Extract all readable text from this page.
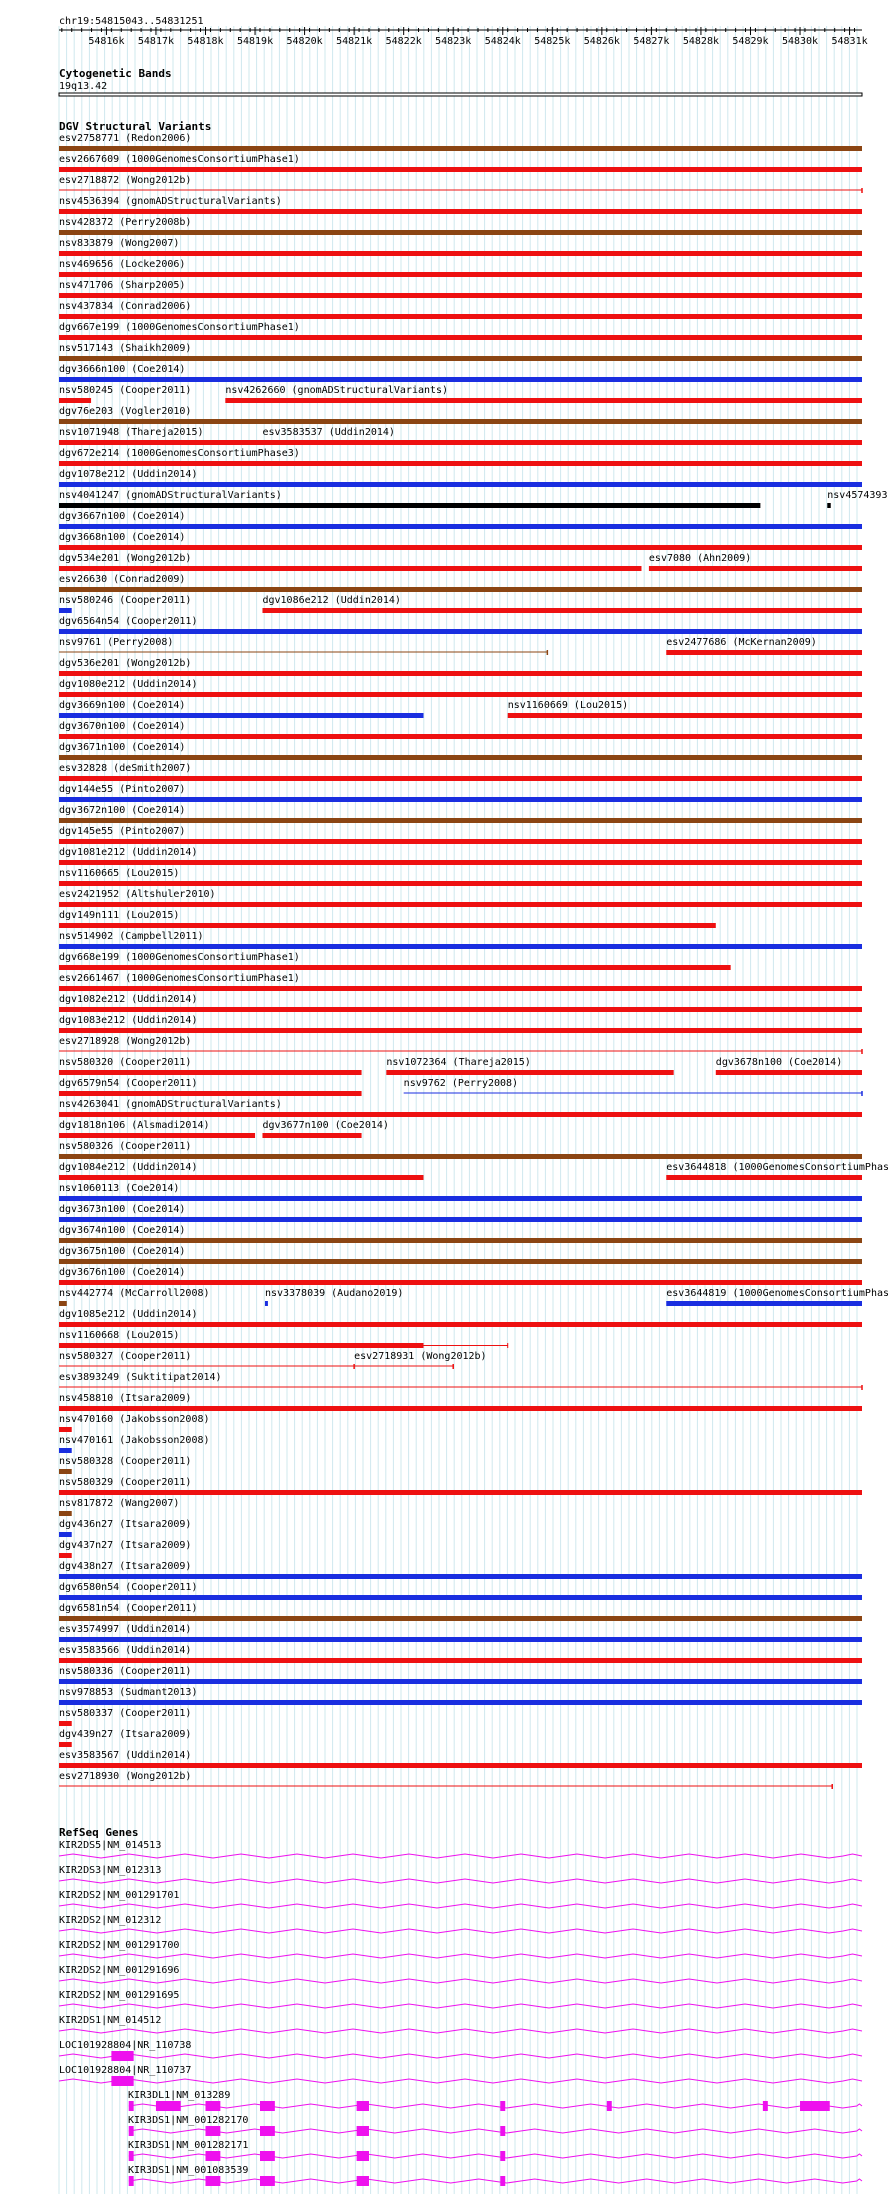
chr19:54815043..54831251
54816k 54817k 54818k 54819k 54820k 54821k 54822k 54823k 54824k 54825k 54826k 54827k 54828k 54829k 54830k 54831k
Cytogenetic Bands
19q13.42
DGV Structural Variants
esv2758771 (Redon2006)
esv2667609 (1000GenomesConsortiumPhase1)
esv2718872 (Wong2012b)
nsv4536394 (gnomADStructuralVariants)
nsv428372 (Perry2008b)
nsv833879 (Wong2007)
nsv469656 (Locke2006)
nsv471706 (Sharp2005)
nsv437834 (Conrad2006)
dgv667e199 (1000GenomesConsortiumPhase1)
nsv517143 (Shaikh2009)
dgv3666n100 (Coe2014)
nsv580245 (Cooper2011)	nsv4262660 (gnomADStructuralVariants)
dgv76e203 (Vogler2010)
nsv1071948 (Thareja2015)	esv3583537 (Uddin2014)
dgv672e214 (1000GenomesConsortiumPhase3)
dgv1078e212 (Uddin2014)
nsv4041247 (gnomADStructuralVariants)	nsv4574393
dgv3667n100 (Coe2014)
dgv3668n100 (Coe2014)
dgv534e201 (Wong2012b)	esv7080 (Ahn2009)
esv26630 (Conrad2009)
nsv580246 (Cooper2011)	dgv1086e212 (Uddin2014)
dgv6564n54 (Cooper2011)
nsv9761 (Perry2008)	esv2477686 (McKernan2009)
dgv536e201 (Wong2012b)
dgv1080e212 (Uddin2014)
dgv3669n100 (Coe2014)	nsv1160669 (Lou2015)
dgv3670n100 (Coe2014)
dgv3671n100 (Coe2014)
esv32828 (deSmith2007)
dgv144e55 (Pinto2007)
dgv3672n100 (Coe2014)
dgv145e55 (Pinto2007)
dgv1081e212 (Uddin2014)
nsv1160665 (Lou2015)
esv2421952 (Altshuler2010)
dgv149n111 (Lou2015)
nsv514902 (Campbell2011)
dgv668e199 (1000GenomesConsortiumPhase1)
esv2661467 (1000GenomesConsortiumPhase1)
dgv1082e212 (Uddin2014)
dgv1083e212 (Uddin2014)
esv2718928 (Wong2012b)
nsv580320 (Cooper2011)	nsv1072364 (Thareja2015)	dgv3678n100 (Coe2014)
dgv6579n54 (Cooper2011)	nsv9762 (Perry2008)
nsv4263041 (gnomADStructuralVariants)
dgv1818n106 (Alsmadi2014)	dgv3677n100 (Coe2014)
nsv580326 (Cooper2011)
dgv1084e212 (Uddin2014)	esv3644818 (1000GenomesConsortiumPhas
nsv1060113 (Coe2014)
dgv3673n100 (Coe2014)
dgv3674n100 (Coe2014)
dgv3675n100 (Coe2014)
dgv3676n100 (Coe2014)
nsv442774 (McCarroll2008)	nsv3378039 (Audano2019)	esv3644819 (1000GenomesConsortiumPhas
dgv1085e212 (Uddin2014)
nsv1160668 (Lou2015)
nsv580327 (Cooper2011)	esv2718931 (Wong2012b)
esv3893249 (Suktitipat2014)
nsv458810 (Itsara2009)
nsv470160 (Jakobsson2008)
nsv470161 (Jakobsson2008)
nsv580328 (Cooper2011)
nsv580329 (Cooper2011)
nsv817872 (Wang2007)
dgv436n27 (Itsara2009)
dgv437n27 (Itsara2009)
dgv438n27 (Itsara2009)
dgv6580n54 (Cooper2011)
dgv6581n54 (Cooper2011)
esv3574997 (Uddin2014)
esv3583566 (Uddin2014)
nsv580336 (Cooper2011)
nsv978853 (Sudmant2013)
nsv580337 (Cooper2011)
dgv439n27 (Itsara2009)
esv3583567 (Uddin2014)
esv2718930 (Wong2012b)
RefSeq Genes
KIR2DS5|NM_014513
KIR2DS3|NM_012313
KIR2DS2|NM_001291701
KIR2DS2|NM_012312
KIR2DS2|NM_001291700
KIR2DS2|NM_001291696
KIR2DS2|NM_001291695
KIR2DS1|NM_014512
LOC101928804|NR_110738
LOC101928804|NR_110737
KIR3DL1|NM_013289
KIR3DS1|NM_001282170
KIR3DS1|NM_001282171
KIR3DS1|NM_001083539
